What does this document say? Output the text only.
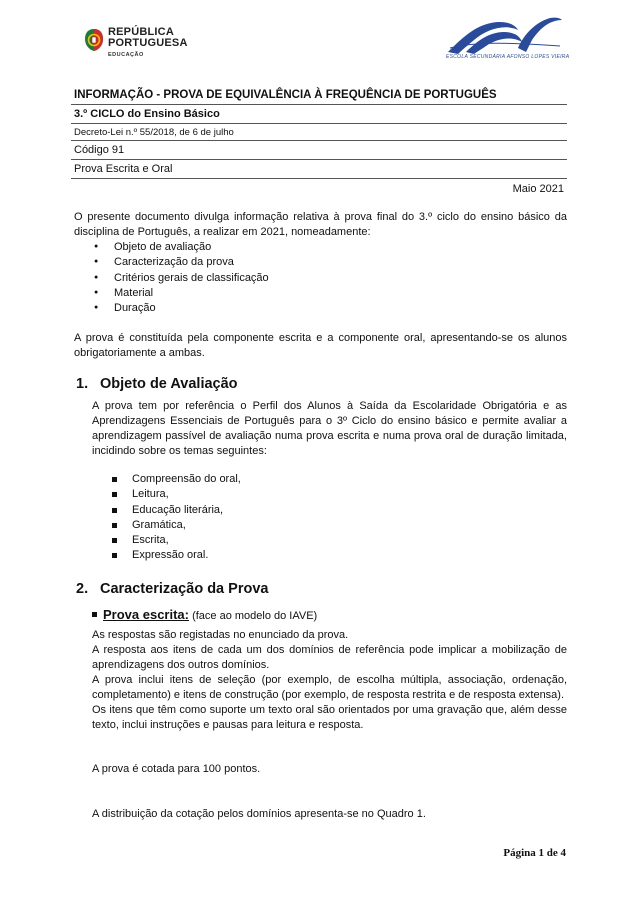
REPÚBLICA
PORTUGUESA
EDUCAÇÃO	ESCOLA SECUNDÁRIA AFONSO LOPES VIEIRA
INFORMAÇÃO - PROVA DE EQUIVALÊNCIA À FREQUÊNCIA DE PORTUGUÊS
3.º CICLO do Ensino Básico
Decreto-Lei n.º 55/2018, de 6 de julho
Código 91
Prova Escrita e Oral
Maio 2021
O presente documento divulga informação relativa à prova final do 3.º ciclo do ensino básico da disciplina de Português, a realizar em 2021, nomeadamente:
Objeto de avaliação
Caracterização da prova
Critérios gerais de classificação
Material
Duração
A prova é constituída pela componente escrita e a componente oral, apresentando-se os alunos obrigatoriamente a ambas.
1. Objeto de Avaliação
A prova tem por referência o Perfil dos Alunos à Saída da Escolaridade Obrigatória e as Aprendizagens Essenciais de Português para o 3º Ciclo do ensino básico e permite avaliar a aprendizagem passível de avaliação numa prova escrita e numa prova oral de duração limitada, incidindo sobre os temas seguintes:
Compreensão do oral,
Leitura,
Educação literária,
Gramática,
Escrita,
Expressão oral.
2. Caracterização da Prova
Prova escrita: (face ao modelo do IAVE)
As respostas são registadas no enunciado da prova.
A resposta aos itens de cada um dos domínios de referência pode implicar a mobilização de aprendizagens dos outros domínios.
A prova inclui itens de seleção (por exemplo, de escolha múltipla, associação, ordenação, completamento) e itens de construção (por exemplo, de resposta restrita e de resposta extensa).
Os itens que têm como suporte um texto oral são orientados por uma gravação que, além desse texto, inclui instruções e pausas para leitura e resposta.
A prova é cotada para 100 pontos.
A distribuição da cotação pelos domínios apresenta-se no Quadro 1.
Página 1 de 4
